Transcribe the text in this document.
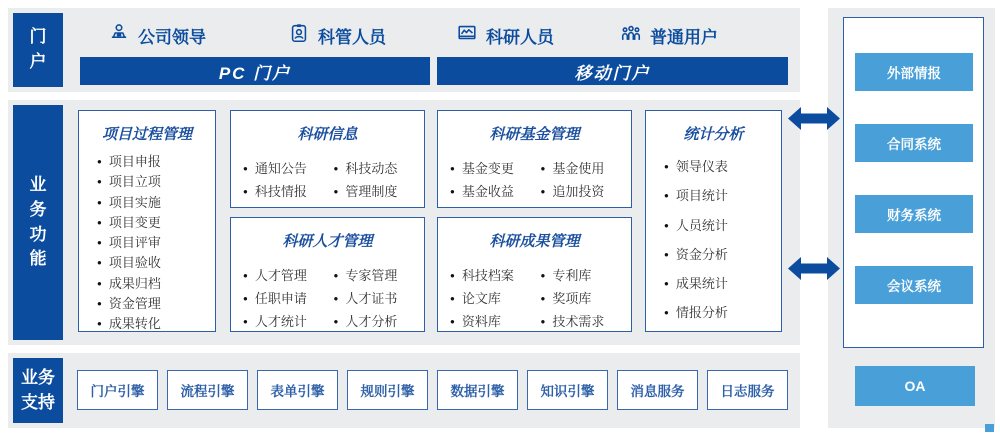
门户
公司领导	科管人员	科研人员	普通用户
PC 门户	移动门户
业务功能
项目过程管理
● 项目申报
● 项目立项
● 项目实施
● 项目变更
● 项目评审
● 项目验收
● 成果归档
● 资金管理
● 成果转化
科研信息
● 通知公告	● 科技动态
● 科技情报	● 管理制度
科研人才管理
● 人才管理	● 专家管理
● 任职申请	● 人才证书
● 人才统计	● 人才分析
科研基金管理
● 基金变更	● 基金使用
● 基金收益	● 追加投资
科研成果管理
● 科技档案	● 专利库
● 论文库	● 奖项库
● 资料库	● 技术需求
统计分析
● 领导仪表
● 项目统计
● 人员统计
● 资金分析
● 成果统计
● 情报分析
业务支持
门户引擎	流程引擎	表单引擎	规则引擎	数据引擎	知识引擎	消息服务	日志服务
外部情报
合同系统
财务系统
会议系统
OA
